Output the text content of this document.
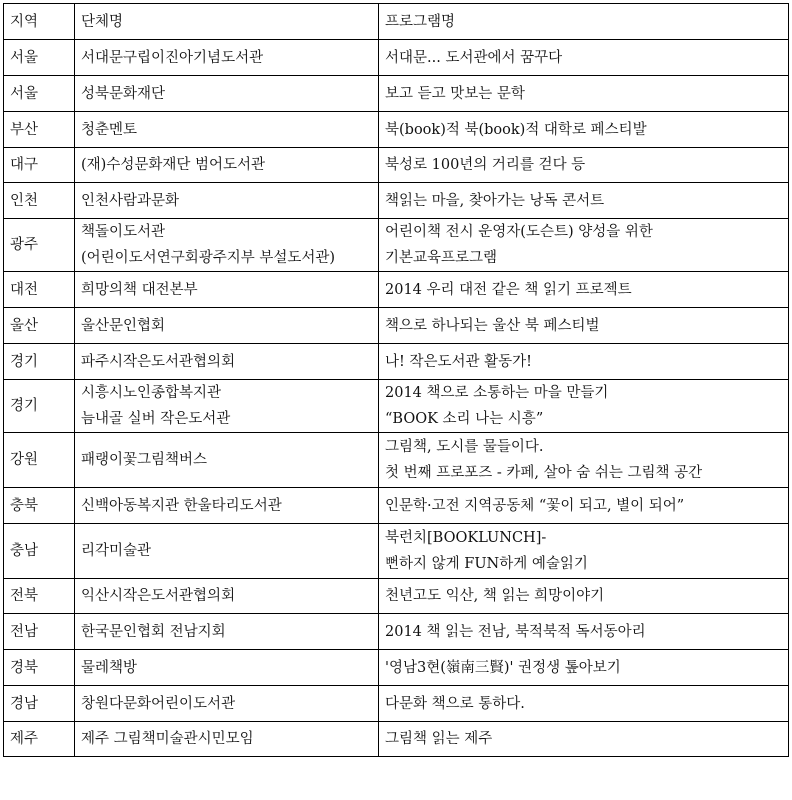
지역	단체명	프로그램명
서울	서대문구립이진아기념도서관	서대문... 도서관에서 꿈꾸다

서울	성북문화재단	보고 듣고 맛보는 문학

부산	청춘멘토	북(book)적 북(book)적 대학로 페스티발

대구	(재)수성문화재단 범어도서관	북성로 100년의 거리를 걷다 등

인천	인천사람과문화	책읽는 마을, 찾아가는 낭독 콘서트

광주	책돌이도서관
(어린이도서연구회광주지부 부설도서관)	어린이책 전시 운영자(도슨트) 양성을 위한
기본교육프로그램

대전	희망의책 대전본부	2014 우리 대전 같은 책 읽기 프로젝트

울산	울산문인협회	책으로 하나되는 울산 북 페스티벌

경기	파주시작은도서관협의회	나! 작은도서관 활동가!

경기	시흥시노인종합복지관
늠내골 실버 작은도서관	2014 책으로 소통하는 마을 만들기
“BOOK 소리 나는 시흥”

강원	패랭이꽃그림책버스	그림책, 도시를 물들이다.
첫 번째 프로포즈 - 카페, 살아 숨 쉬는 그림책 공간

충북	신백아동복지관 한울타리도서관	인문학·고전 지역공동체 “꽃이 되고, 별이 되어”

충남	리각미술관	북런치[BOOKLUNCH]-
뻔하지 않게 FUN하게 예술읽기

전북	익산시작은도서관협의회	천년고도 익산, 책 읽는 희망이야기

전남	한국문인협회 전남지회	2014 책 읽는 전남, 북적북적 독서동아리

경북	물레책방	'영남3현(嶺南三賢)' 권정생 톺아보기

경남	창원다문화어린이도서관	다문화 책으로 통하다.

제주	제주 그림책미술관시민모임	그림책 읽는 제주
